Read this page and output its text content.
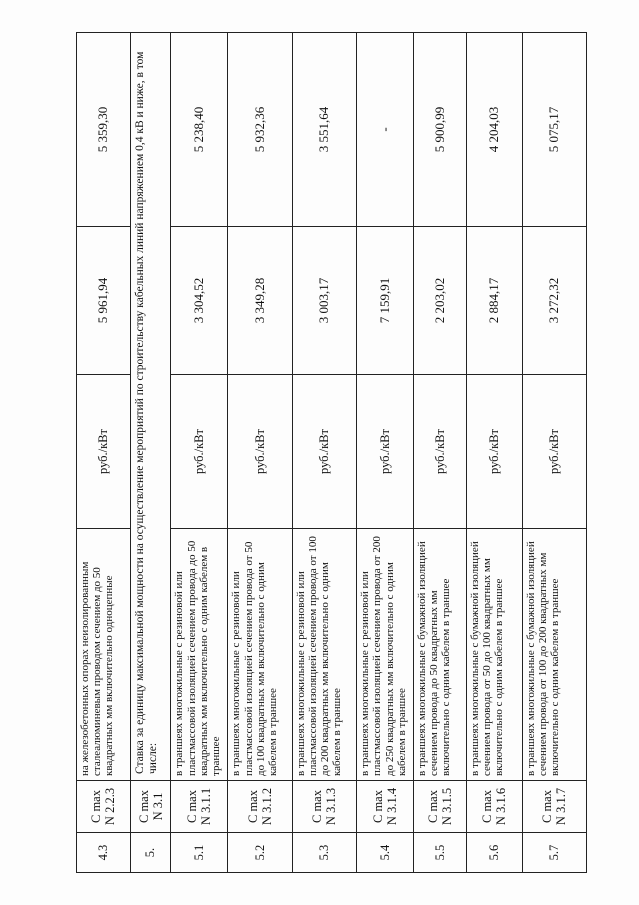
4.3	С max N 2.2.3	на железобетонных опорах неизолированным сталеалюминевым проводом сечением до 50 квадратных мм включительно одноцепные	руб./кВт	5 961,94	5 359,30
5.	С max N 3.1	Ставка за единицу максимальной мощности на осуществление мероприятий по строительству кабельных линий напряжением 0,4 кВ и ниже, в том числе:			
5.1	С max N 3.1.1	в траншеях многожильные с резиновой или пластмассовой изоляцией сечением провода до 50 квадратных мм включительно с одним кабелем в траншее	руб./кВт	3 304,52	5 238,40
5.2	С max N 3.1.2	в траншеях многожильные с резиновой или пластмассовой изоляцией сечением провода от 50 до 100 квадратных мм включительно с одним кабелем в траншее	руб./кВт	3 349,28	5 932,36
5.3	С max N 3.1.3	в траншеях многожильные с резиновой или пластмассовой изоляцией сечением провода от 100 до 200 квадратных мм включительно с одним кабелем в траншее	руб./кВт	3 003,17	3 551,64
5.4	С max N 3.1.4	в траншеях многожильные с резиновой или пластмассовой изоляцией сечением провода от 200 до 250 квадратных мм включительно с одним кабелем в траншее	руб./кВт	7 159,91	-
5.5	С max N 3.1.5	в траншеях многожильные с бумажной изоляцией сечением провода до 50 квадратных мм включительно с одним кабелем в траншее	руб./кВт	2 203,02	5 900,99
5.6	С max N 3.1.6	в траншеях многожильные с бумажной изоляцией сечением провода от 50 до 100 квадратных мм включительно с одним кабелем в траншее	руб./кВт	2 884,17	4 204,03
5.7	С max N 3.1.7	в траншеях многожильные с бумажной изоляцией сечением провода от 100 до 200 квадратных мм включительно с одним кабелем в траншее	руб./кВт	3 272,32	5 075,17
